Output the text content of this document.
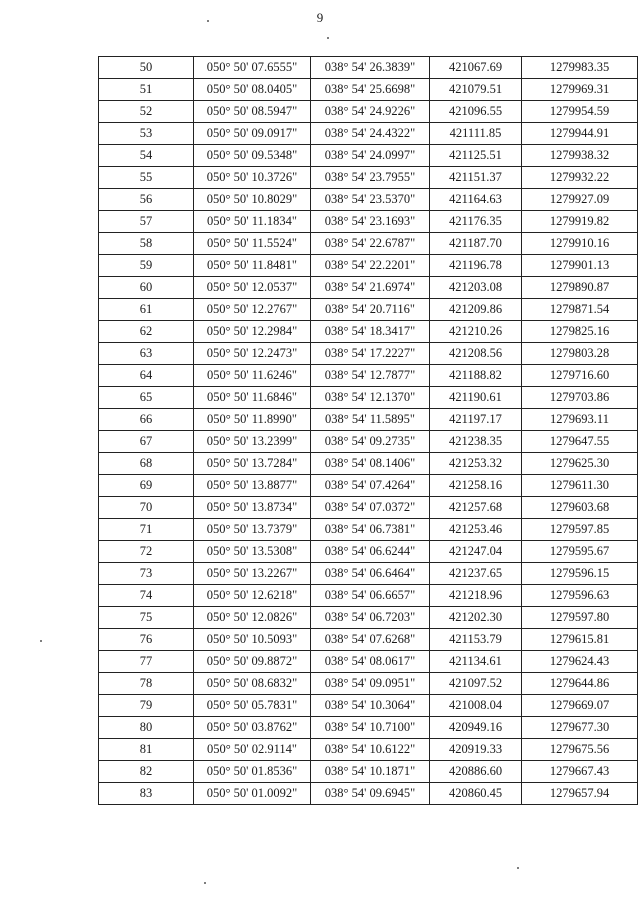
9
50	050° 50' 07.6555"	038° 54' 26.3839"	421067.69	1279983.35
51	050° 50' 08.0405"	038° 54' 25.6698"	421079.51	1279969.31
52	050° 50' 08.5947"	038° 54' 24.9226"	421096.55	1279954.59
53	050° 50' 09.0917"	038° 54' 24.4322"	421111.85	1279944.91
54	050° 50' 09.5348"	038° 54' 24.0997"	421125.51	1279938.32
55	050° 50' 10.3726"	038° 54' 23.7955"	421151.37	1279932.22
56	050° 50' 10.8029"	038° 54' 23.5370"	421164.63	1279927.09
57	050° 50' 11.1834"	038° 54' 23.1693"	421176.35	1279919.82
58	050° 50' 11.5524"	038° 54' 22.6787"	421187.70	1279910.16
59	050° 50' 11.8481"	038° 54' 22.2201"	421196.78	1279901.13
60	050° 50' 12.0537"	038° 54' 21.6974"	421203.08	1279890.87
61	050° 50' 12.2767"	038° 54' 20.7116"	421209.86	1279871.54
62	050° 50' 12.2984"	038° 54' 18.3417"	421210.26	1279825.16
63	050° 50' 12.2473"	038° 54' 17.2227"	421208.56	1279803.28
64	050° 50' 11.6246"	038° 54' 12.7877"	421188.82	1279716.60
65	050° 50' 11.6846"	038° 54' 12.1370"	421190.61	1279703.86
66	050° 50' 11.8990"	038° 54' 11.5895"	421197.17	1279693.11
67	050° 50' 13.2399"	038° 54' 09.2735"	421238.35	1279647.55
68	050° 50' 13.7284"	038° 54' 08.1406"	421253.32	1279625.30
69	050° 50' 13.8877"	038° 54' 07.4264"	421258.16	1279611.30
70	050° 50' 13.8734"	038° 54' 07.0372"	421257.68	1279603.68
71	050° 50' 13.7379"	038° 54' 06.7381"	421253.46	1279597.85
72	050° 50' 13.5308"	038° 54' 06.6244"	421247.04	1279595.67
73	050° 50' 13.2267"	038° 54' 06.6464"	421237.65	1279596.15
74	050° 50' 12.6218"	038° 54' 06.6657"	421218.96	1279596.63
75	050° 50' 12.0826"	038° 54' 06.7203"	421202.30	1279597.80
76	050° 50' 10.5093"	038° 54' 07.6268"	421153.79	1279615.81
77	050° 50' 09.8872"	038° 54' 08.0617"	421134.61	1279624.43
78	050° 50' 08.6832"	038° 54' 09.0951"	421097.52	1279644.86
79	050° 50' 05.7831"	038° 54' 10.3064"	421008.04	1279669.07
80	050° 50' 03.8762"	038° 54' 10.7100"	420949.16	1279677.30
81	050° 50' 02.9114"	038° 54' 10.6122"	420919.33	1279675.56
82	050° 50' 01.8536"	038° 54' 10.1871"	420886.60	1279667.43
83	050° 50' 01.0092"	038° 54' 09.6945"	420860.45	1279657.94
